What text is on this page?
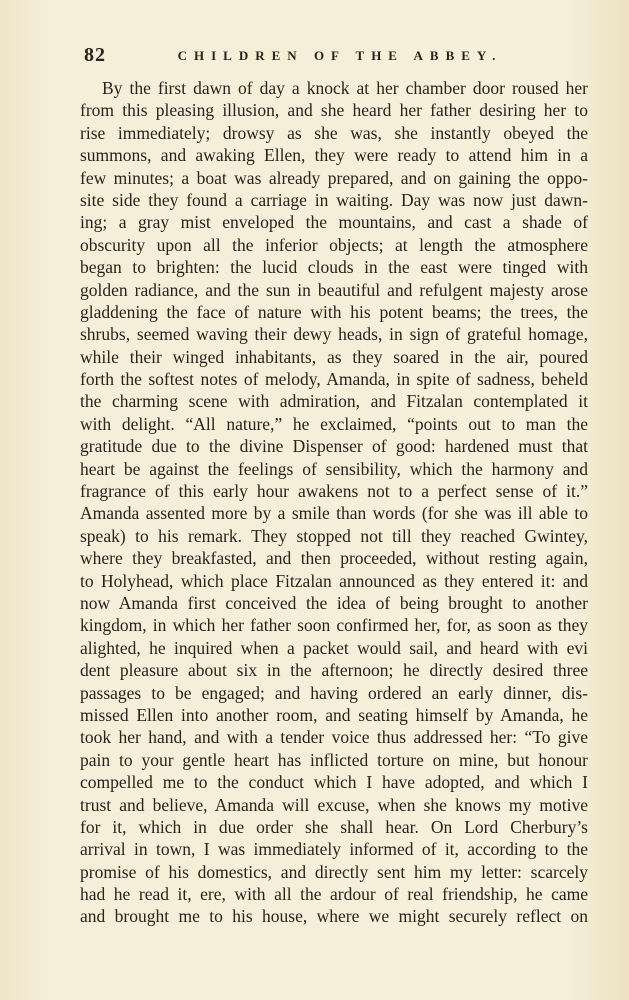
82	CHILDREN OF THE ABBEY.
By the first dawn of day a knock at her chamber door roused her
from this pleasing illusion, and she heard her father desiring her to
rise immediately; drowsy as she was, she instantly obeyed the
summons, and awaking Ellen, they were ready to attend him in a
few minutes; a boat was already prepared, and on gaining the oppo-
site side they found a carriage in waiting. Day was now just dawn-
ing; a gray mist enveloped the mountains, and cast a shade of
obscurity upon all the inferior objects; at length the atmosphere
began to brighten: the lucid clouds in the east were tinged with
golden radiance, and the sun in beautiful and refulgent majesty arose
gladdening the face of nature with his potent beams; the trees, the
shrubs, seemed waving their dewy heads, in sign of grateful homage,
while their winged inhabitants, as they soared in the air, poured
forth the softest notes of melody, Amanda, in spite of sadness, beheld
the charming scene with admiration, and Fitzalan contemplated it
with delight. “All nature,” he exclaimed, “points out to man the
gratitude due to the divine Dispenser of good: hardened must that
heart be against the feelings of sensibility, which the harmony and
fragrance of this early hour awakens not to a perfect sense of it.”
Amanda assented more by a smile than words (for she was ill able to
speak) to his remark. They stopped not till they reached Gwintey,
where they breakfasted, and then proceeded, without resting again,
to Holyhead, which place Fitzalan announced as they entered it: and
now Amanda first conceived the idea of being brought to another
kingdom, in which her father soon confirmed her, for, as soon as they
alighted, he inquired when a packet would sail, and heard with evi
dent pleasure about six in the afternoon; he directly desired three
passages to be engaged; and having ordered an early dinner, dis-
missed Ellen into another room, and seating himself by Amanda, he
took her hand, and with a tender voice thus addressed her: “To give
pain to your gentle heart has inflicted torture on mine, but honour
compelled me to the conduct which I have adopted, and which I
trust and believe, Amanda will excuse, when she knows my motive
for it, which in due order she shall hear. On Lord Cherbury’s
arrival in town, I was immediately informed of it, according to the
promise of his domestics, and directly sent him my letter: scarcely
had he read it, ere, with all the ardour of real friendship, he came
and brought me to his house, where we might securely reflect on
